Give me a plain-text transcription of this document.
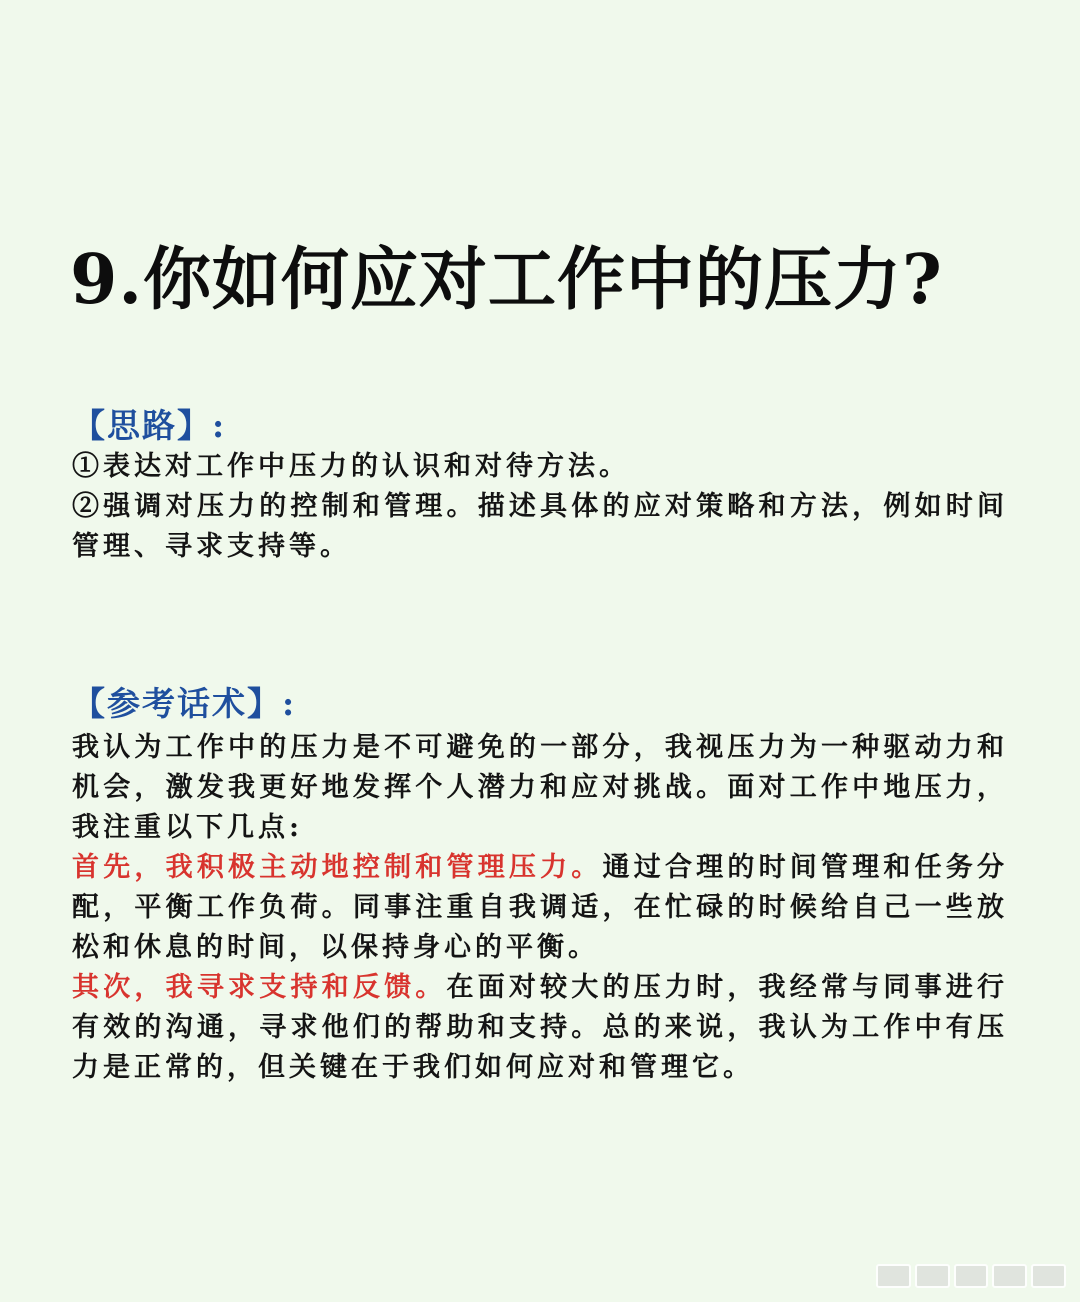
9.你如何应对工作中的压力?
【思路】:

①表达对工作中压力的认识和对待方法。

②强调对压力的控制和管理。描述具体的应对策略和方法，例如时间管理、寻求支持等。

【参考话术】:

我认为工作中的压力是不可避免的一部分，我视压力为一种驱动力和机会，激发我更好地发挥个人潜力和应对挑战。面对工作中地压力，我注重以下几点:

首先，我积极主动地控制和管理压力。通过合理的时间管理和任务分配，平衡工作负荷。同事注重自我调适，在忙碌的时候给自己一些放松和休息的时间，以保持身心的平衡。

其次，我寻求支持和反馈。在面对较大的压力时，我经常与同事进行有效的沟通，寻求他们的帮助和支持。总的来说，我认为工作中有压力是正常的，但关键在于我们如何应对和管理它。
